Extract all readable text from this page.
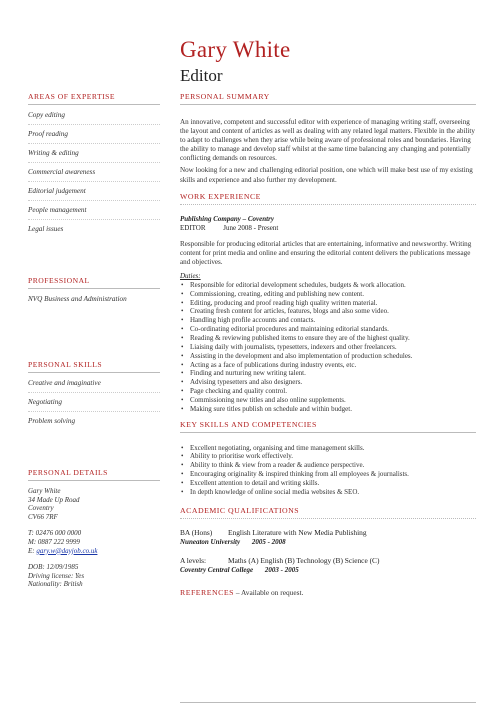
Gary White
Editor
AREAS OF EXPERTISE
Copy editing
Proof reading
Writing & editing
Commercial awareness
Editorial judgement
People management
Legal issues
PROFESSIONAL
NVQ Business and Administration
PERSONAL SKILLS
Creative and imaginative
Negotiating
Problem solving
PERSONAL DETAILS
Gary White
34 Made Up Road
Coventry
CV66 7RF
T: 02476 000 0000
M: 0887 222 9999
E: gary.w@dayjob.co.uk
DOB: 12/09/1985
Driving license: Yes
Nationality: British
PERSONAL SUMMARY

An innovative, competent and successful editor with experience of managing writing staff, overseeing the layout and content of articles as well as dealing with any related legal matters. Flexible in the ability to adapt to challenges when they arise while being aware of professional roles and boundaries. Having the ability to manage and develop staff whilst at the same time balancing any changing and potentially conflicting demands on resources.

Now looking for a new and challenging editorial position, one which will make best use of my existing skills and experience and also further my development.

WORK EXPERIENCE
Publishing Company – Coventry
EDITOR	June 2008 - Present

Responsible for producing editorial articles that are entertaining, informative and newsworthy. Writing content for print media and online and ensuring the editorial content delivers the publications message and objectives.

Duties:
• Responsible for editorial development schedules, budgets & work allocation.
• Commissioning, creating, editing and publishing new content.
• Editing, producing and proof reading high quality written material.
• Creating fresh content for articles, features, blogs and also some video.
• Handling high profile accounts and contacts.
• Co-ordinating editorial procedures and maintaining editorial standards.
• Reading & reviewing published items to ensure they are of the highest quality.
• Liaising daily with journalists, typesetters, indexers and other freelancers.
• Assisting in the development and also implementation of production schedules.
• Acting as a face of publications during industry events, etc.
• Finding and nurturing new writing talent.
• Advising typesetters and also designers.
• Page checking and quality control.
• Commissioning new titles and also online supplements.
• Making sure titles publish on schedule and within budget.
KEY SKILLS AND COMPETENCIES
• Excellent negotiating, organising and time management skills.
• Ability to prioritise work effectively.
• Ability to think & view from a reader & audience perspective.
• Encouraging originality & inspired thinking from all employees & journalists.
• Excellent attention to detail and writing skills.
• In depth knowledge of online social media websites & SEO.
ACADEMIC QUALIFICATIONS
BA (Hons) English Literature with New Media Publishing
Nuneaton University 2005 - 2008
A levels:	Maths (A) English (B) Technology (B) Science (C)
Coventry Central College 2003 - 2005
REFERENCES – Available on request.
